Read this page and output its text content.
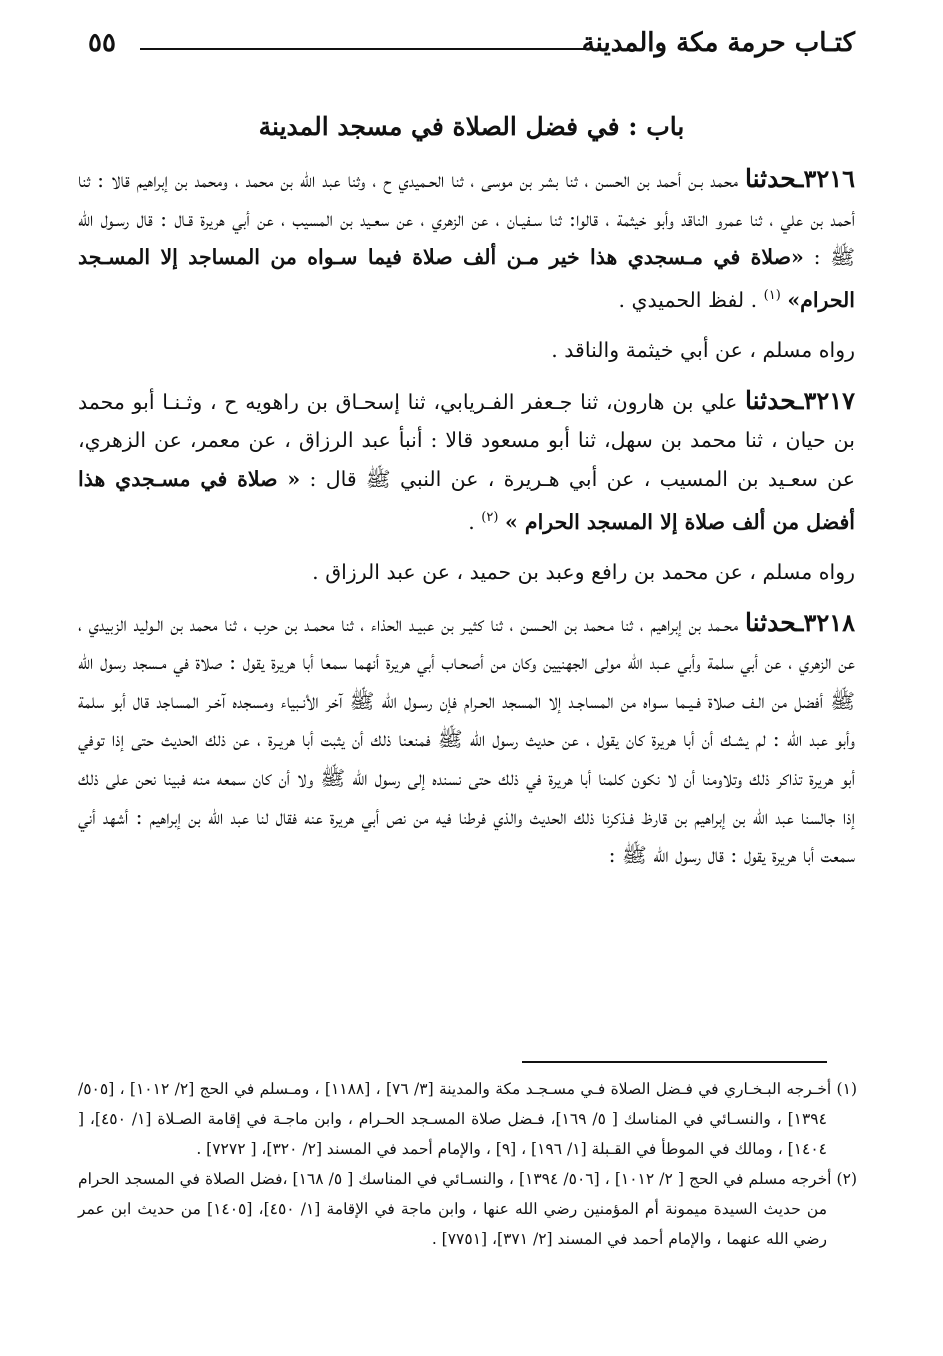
كتـاب حرمة مكة والمدينة
٥٥
باب : في فضل الصلاة في مسجد المدينة

٣٢١٦ـحدثنا محمد بـن أحمد بن الحسن ، ثنا بشر بن موسى ، ثنا الحـميدي ح ، وثنا عبد الله بن محمد ، ومحمد بن إبراهيم قالا : ثنا أحمد بن علي ، ثنا عمرو الناقد وأبو خيثمة ، قالوا: ثنا سـفيـان ، عن الزهري ، عن سعـيد بن المسيب ، عن أبي هريرة قـال : قال رسـول الله ﷺ : «صلاة في مـسجدي هذا خير مـن ألف صلاة فيما سـواه من المساجد إلا المسـجد الحرام» $^{(١)}$ . لفظ الحميدي .

رواه مسلم ، عن أبي خيثمة والناقد .

٣٢١٧ـحدثنا علي بن هارون، ثنا جـعفر الفـريابي، ثنا إسحـاق بن راهويه ح ، وثـنـا أبو محمد بن حيان ، ثنا محمد بن سهل، ثنا أبو مسعود قالا : أنبأ عبد الرزاق ، عن معمر، عن الزهري، عن سعـيد بن المسيب ، عن أبي هـريرة ، عن النبي ﷺ قال : « صلاة في مسـجدي هذا أفضل من ألف صلاة إلا المسجد الحرام » $^{(٢)}$ .

رواه مسلم ، عن محمد بن رافع وعبد بن حميد ، عن عبد الرزاق .

٣٢١٨ـحدثنا محـمد بن إبراهيم ، ثنا مـحمد بن الحـسن ، ثنا كثيـر بن عبيـد الحذاء ، ثنا محمـد بن حرب ، ثنا محمد بن الـوليد الزبيدي ، عن الزهري ، عن أبي سلمة وأبي عـبد الله مولى الجهنيين وكان من أصحـاب أبي هريرة أنهما سمعا أبا هريرة يقول : صلاة في مـسجد رسول الله ﷺ أفضل من الـف صلاة فـيـما سـواه من المساجـد إلا المسجد الحـرام فإن رسـول الله ﷺ آخر الأنـبياء ومسجده آخـر المساجد قال أبو سلمة وأبو عبد الله : لم يشـك أن أبا هريرة كان يقول ، عن حديث رسول الله ﷺ فمنعنا ذلك أن يثبت أبا هريـرة ، عن ذلك الحديث حتى إذا توفي أبو هريرة تذاكر ذلك وتلاومنا أن لا نكون كلمنا أبا هريرة في ذلك حتى نسنده إلى رسول الله ﷺ ولا أن كان سمعه منه فبينا نحن على ذلك إذا جالسنا عبد الله بن إبراهيم بن قارظ فـذكرنا ذلك الحديث والذي فرطنا فيه من نص أبي هريرة عنه فقال لنا عبد الله بن إبراهيم : أشهد أني سمعت أبا هريرة يقول : قال رسول الله ﷺ :

(١) أخـرجه البـخـاري في فـضل الصلاة فـي مسـجـد مكة والمدينة [٣/ ٧٦] ، [١١٨٨] ، ومـسلم في الحج [٢/ ١٠١٢] ، [٥٠٥/ ١٣٩٤] ، والنسـائي في المناسك [ ٥/ ١٦٩]، فـضل صلاة المسـجد الحـرام ، وابن ماجـة في إقامة الصـلاة [١/ ٤٥٠]، [ ١٤٠٤] ، ومالك في الموطأ في القـبلة [١/ ١٩٦] ، [٩] ، والإمام أحمد في المسند [٢/ ٣٢٠]، [ ٧٢٧٢] .

(٢) أخرجه مسلم في الحج [ ٢/ ١٠١٢] ، [٥٠٦/ ١٣٩٤] ، والنسـائي في المناسك [ ٥/ ١٦٨] ،فضل الصلاة في المسجد الحرام من حديث السيدة ميمونة أم المؤمنين رضي الله عنها ، وابن ماجة في الإقامة [١/ ٤٥٠]، [١٤٠٥] من حديث ابن عمر رضي الله عنهما ، والإمام أحمد في المسند [٢/ ٣٧١]، [٧٧٥١] .
